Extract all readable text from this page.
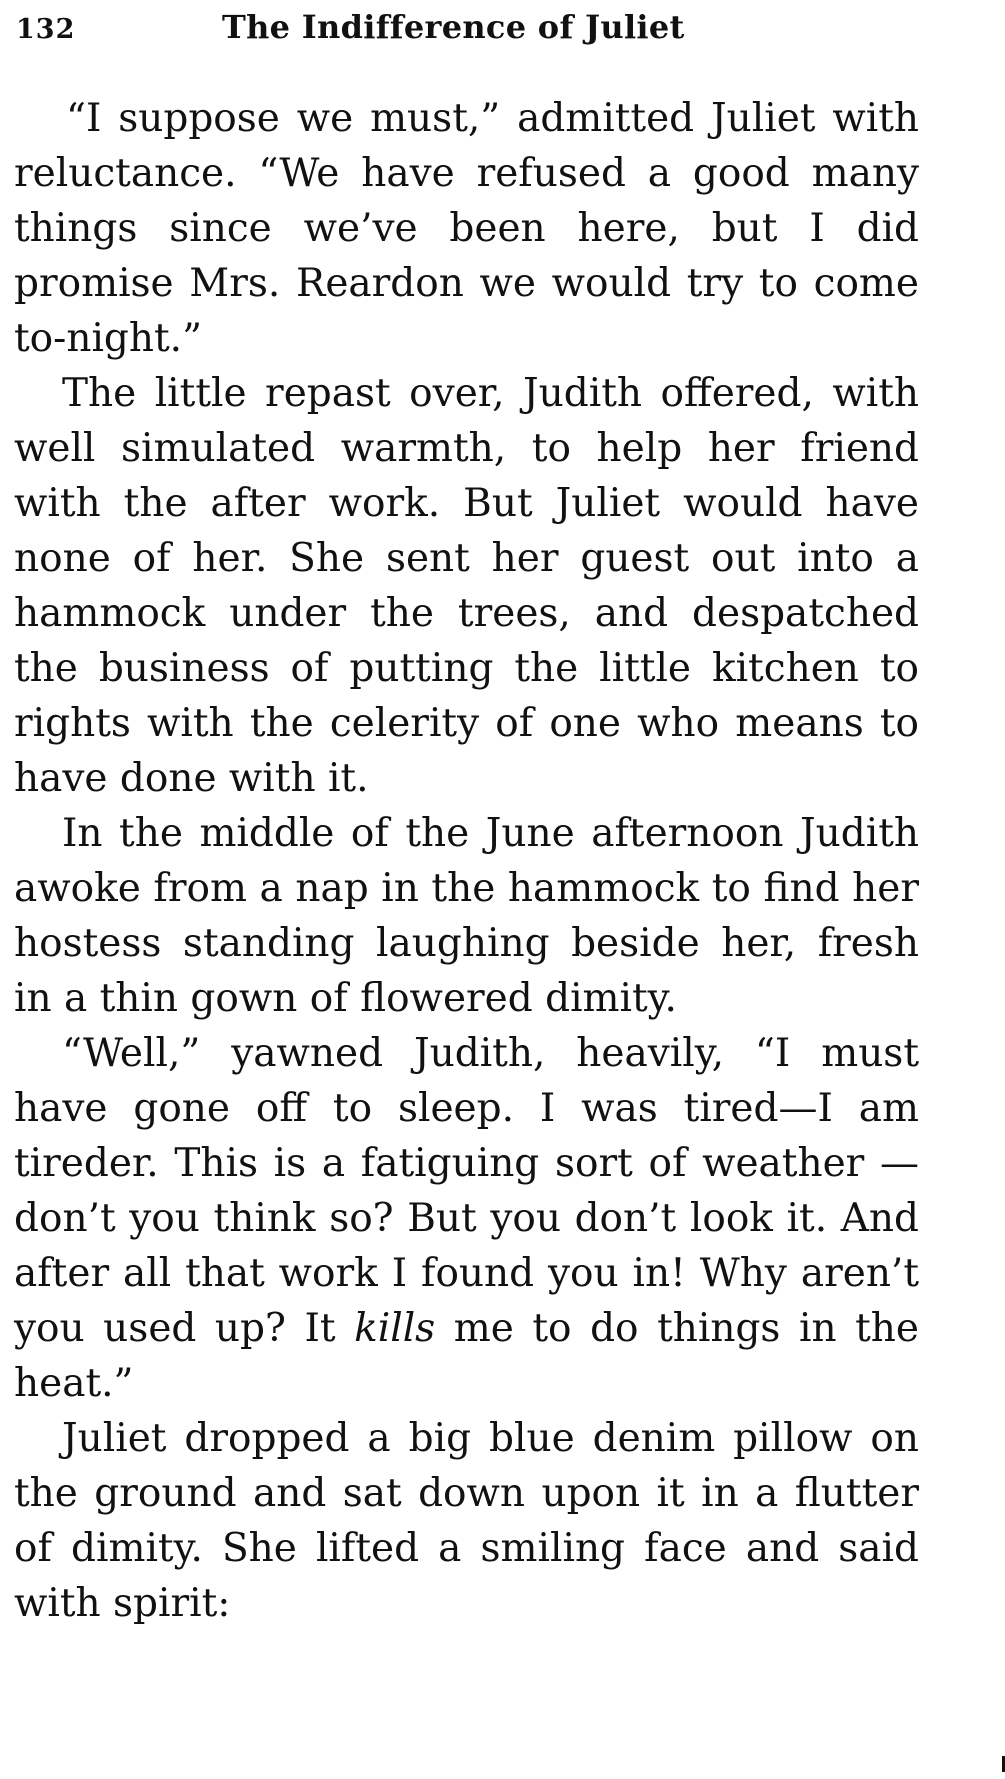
132	The Indifference of Juliet

“I suppose we must,” admitted Juliet with reluctance. “We have refused a good many things since we’ve been here, but I did promise Mrs. Reardon we would try to come to-night.”

The little repast over, Judith offered, with well simulated warmth, to help her friend with the after work. But Juliet would have none of her. She sent her guest out into a hammock under the trees, and despatched the business of putting the little kitchen to rights with the celerity of one who means to have done with it.

In the middle of the June afternoon Judith awoke from a nap in the hammock to find her hostess standing laughing beside her, fresh in a thin gown of flowered dimity.

“Well,” yawned Judith, heavily, “I must have gone off to sleep. I was tired—I am tireder. This is a fatiguing sort of weather —don’t you think so? But you don’t look it. And after all that work I found you in! Why aren’t you used up? It kills me to do things in the heat.”

Juliet dropped a big blue denim pillow on the ground and sat down upon it in a flutter of dimity. She lifted a smiling face and said with spirit:
